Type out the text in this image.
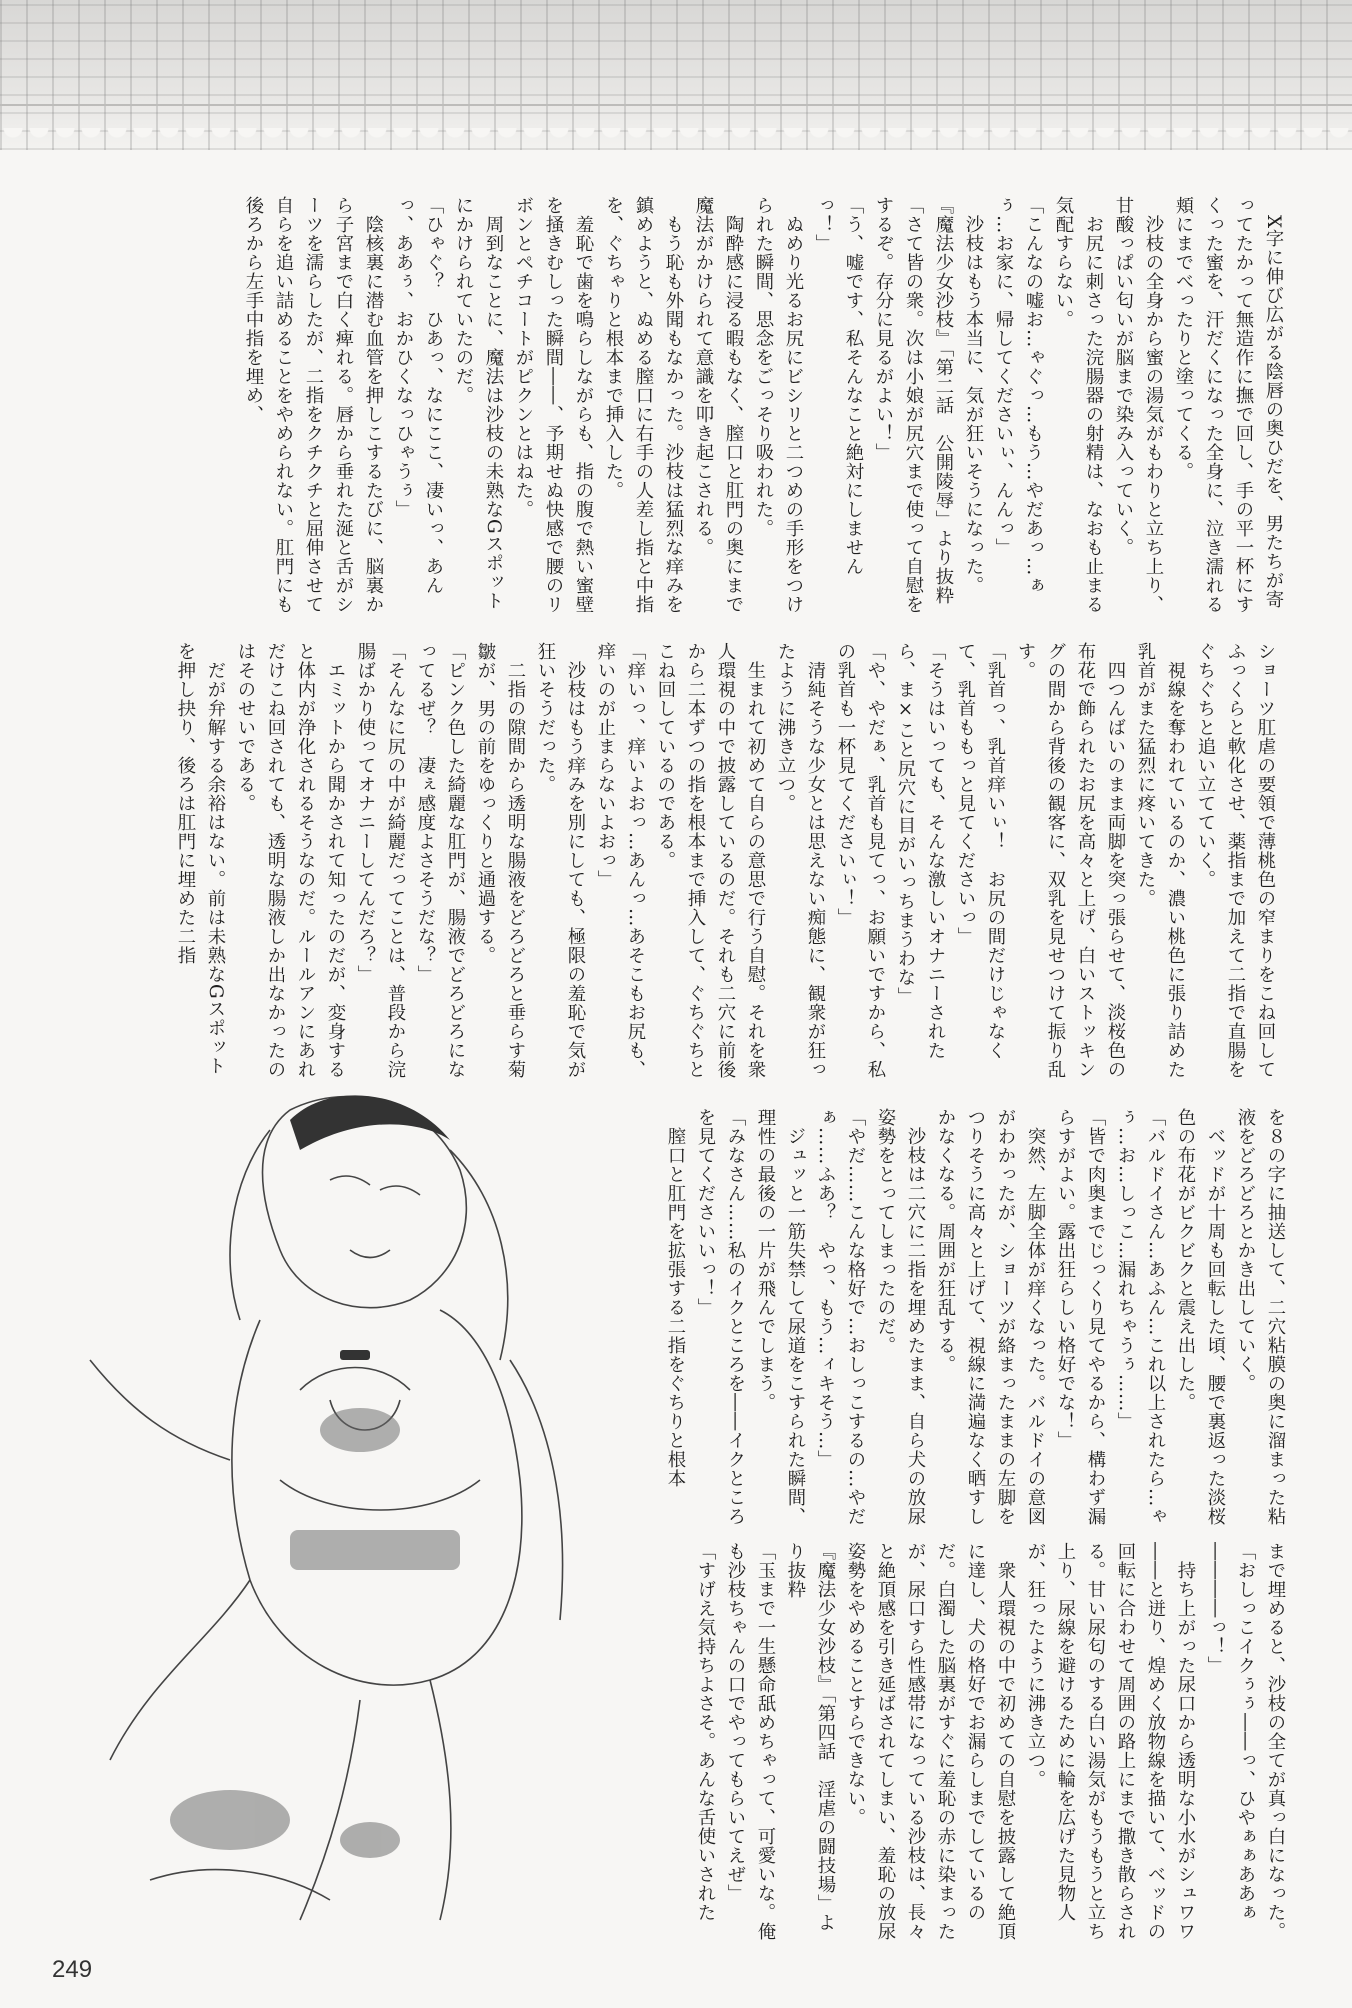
　X字に伸び広がる陰唇の奥ひだを、男たちが寄ってたかって無造作に撫で回し、手の平一杯にすくった蜜を、汗だくになった全身に、泣き濡れる頬にまでべったりと塗ってくる。
　沙枝の全身から蜜の湯気がもわりと立ち上り、甘酸っぱい匂いが脳まで染み入っていく。
　お尻に刺さった浣腸器の射精は、なおも止まる気配すらない。
「こんなの嘘お…ゃぐっ…もう…やだあっ…ぁぅ…お家に、帰してくださいぃ、んんっ」
　沙枝はもう本当に、気が狂いそうになった。
『魔法少女沙枝』「第二話　公開陵辱」より抜粋
「さて皆の衆。次は小娘が尻穴まで使って自慰をするぞ。存分に見るがよい！」
「う、嘘です、私そんなこと絶対にしませんっ！」
　ぬめり光るお尻にビシリと二つめの手形をつけられた瞬間、思念をごっそり吸われた。
　陶酔感に浸る暇もなく、膣口と肛門の奥にまで魔法がかけられて意識を叩き起こされる。
　もう恥も外聞もなかった。沙枝は猛烈な痒みを鎮めようと、ぬめる膣口に右手の人差し指と中指を、ぐちゃりと根本まで挿入した。
　羞恥で歯を鳴らしながらも、指の腹で熱い蜜壁を掻きむしった瞬間――、予期せぬ快感で腰のリボンとペチコートがピクンとはねた。
　周到なことに、魔法は沙枝の未熟なGスポットにかけられていたのだ。
「ひゃぐ？　ひあっ、なにここ、凄いっ、あんっ、ああぅ、おかひくなっひゃうぅ」
　陰核裏に潜む血管を押しこするたびに、脳裏から子宮まで白く痺れる。唇から垂れた涎と舌がシーツを濡らしたが、二指をクチクチと屈伸させて自らを追い詰めることをやめられない。肛門にも後ろから左手中指を埋め、
ショーツ肛虐の要領で薄桃色の窄まりをこね回してふっくらと軟化させ、薬指まで加えて二指で直腸をぐちぐちと追い立てていく。
　視線を奪われているのか、濃い桃色に張り詰めた乳首がまた猛烈に疼いてきた。
　四つんばいのまま両脚を突っ張らせて、淡桜色の布花で飾られたお尻を高々と上げ、白いストッキングの間から背後の観客に、双乳を見せつけて振り乱す。
「乳首っ、乳首痒いぃ！　お尻の間だけじゃなくて、乳首ももっと見てくださいっ」
「そうはいっても、そんな激しいオナニーされたら、ま×こと尻穴に目がいっちまうわな」
「や、やだぁ、乳首も見てっ、お願いですから、私の乳首も一杯見てくださいぃ！」
　清純そうな少女とは思えない痴態に、観衆が狂ったように沸き立つ。
　生まれて初めて自らの意思で行う自慰。それを衆人環視の中で披露しているのだ。それも二穴に前後から二本ずつの指を根本まで挿入して、ぐちぐちとこね回しているのである。
「痒いっ、痒いよおっ…あんっ…あそこもお尻も、痒いのが止まらないよおっ」
　沙枝はもう痒みを別にしても、極限の羞恥で気が狂いそうだった。
　二指の隙間から透明な腸液をどろどろと垂らす菊皺が、男の前をゆっくりと通過する。
「ピンク色した綺麗な肛門が、腸液でどろどろになってるぜ？　凄ぇ感度よさそうだな？」
「そんなに尻の中が綺麗だってことは、普段から浣腸ばかり使ってオナニーしてんだろ？」
　エミットから聞かされて知ったのだが、変身すると体内が浄化されるそうなのだ。ルールアンにあれだけこね回されても、透明な腸液しか出なかったのはそのせいである。
　だが弁解する余裕はない。前は未熟なGスポットを押し抉り、後ろは肛門に埋めた二指
を８の字に抽送して、二穴粘膜の奥に溜まった粘液をどろどろとかき出していく。
　ベッドが十周も回転した頃、腰で裏返った淡桜色の布花がビクビクと震え出した。
「バルドイさん…あふん…これ以上されたら…ゃぅ…お…しっこ…漏れちゃうぅ……」
「皆で肉奥までじっくり見てやるから、構わず漏らすがよい。露出狂らしい格好でな！」
　突然、左脚全体が痒くなった。バルドイの意図がわかったが、ショーツが絡まったままの左脚をつりそうに高々と上げて、視線に満遍なく晒すしかなくなる。周囲が狂乱する。
　沙枝は二穴に二指を埋めたまま、自ら犬の放尿姿勢をとってしまったのだ。
「やだ……こんな格好で…おしっこするの…やだぁ……ふあ？　やっ、もう…ィキそう…」
　ジュッと一筋失禁して尿道をこすられた瞬間、理性の最後の一片が飛んでしまう。
「みなさん……私のイクところを――イクところを見てくださいいっ！」
　膣口と肛門を拡張する二指をぐちりと根本
まで埋めると、沙枝の全てが真っ白になった。
「おしっこイクぅぅ――っ、ひやぁぁああぁ――――っ！」
　持ち上がった尿口から透明な小水がシュワワ――と迸り、煌めく放物線を描いて、ベッドの回転に合わせて周囲の路上にまで撒き散らされる。甘い尿匂のする白い湯気がもうもうと立ち上り、尿線を避けるために輪を広げた見物人が、狂ったように沸き立つ。
　衆人環視の中で初めての自慰を披露して絶頂に達し、犬の格好でお漏らしまでしているのだ。白濁した脳裏がすぐに羞恥の赤に染まったが、尿口すら性感帯になっている沙枝は、長々と絶頂感を引き延ばされてしまい、羞恥の放尿姿勢をやめることすらできない。
『魔法少女沙枝』「第四話　淫虐の闘技場」より抜粋
「玉まで一生懸命舐めちゃって、可愛いな。俺も沙枝ちゃんの口でやってもらいてえぜ」
「すげえ気持ちよさそ。あんな舌使いされた
249
